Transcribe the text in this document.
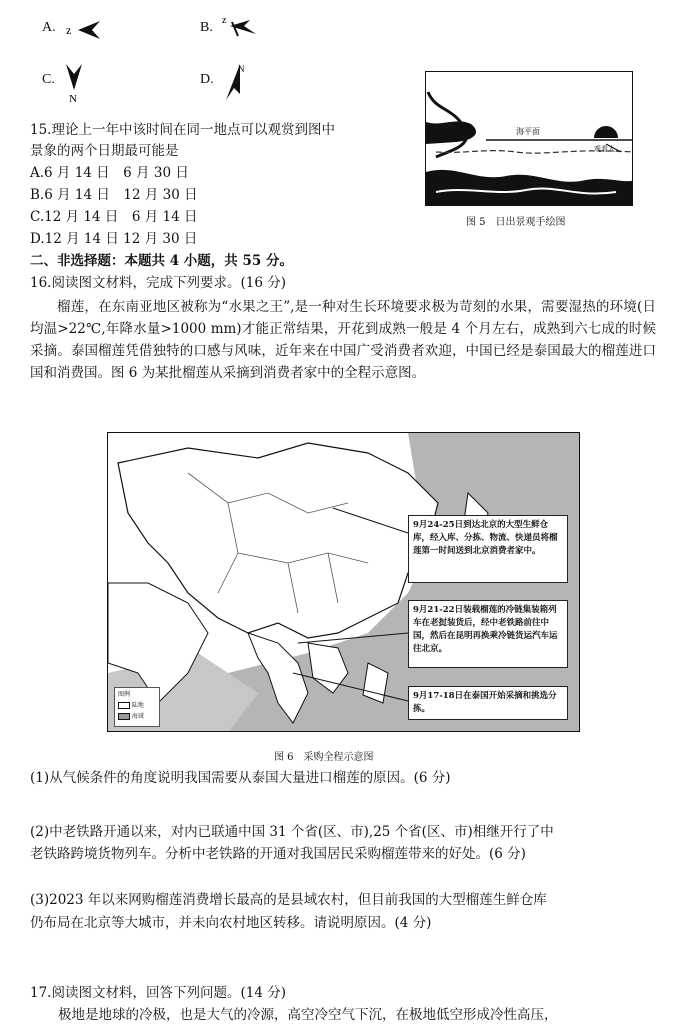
A. z	B. z
C.
N
D.
N
海平面
观看人
图 5　日出景观手绘图
15.理论上一年中该时间在同一地点可以观赏到图中
景象的两个日期最可能是
A.6 月 14 日　6 月 30 日
B.6 月 14 日　12 月 30 日
C.12 月 14 日　6 月 14 日
D.12 月 14 日 12 月 30 日
二、非选择题：本题共 4 小题，共 55 分。
16.阅读图文材料，完成下列要求。(16 分)
榴莲，在东南亚地区被称为“水果之王”,是一种对生长环境要求极为苛刻的水果，需要湿热的环境(日均温>22℃,年降水量>1000 mm)才能正常结果，开花到成熟一般是 4 个月左右，成熟到六七成的时候采摘。泰国榴莲凭借独特的口感与风味，近年来在中国广受消费者欢迎，中国已经是泰国最大的榴莲进口国和消费国。图 6 为某批榴莲从采摘到消费者家中的全程示意图。
9月24-25日到达北京的大型生鲜仓库，经入库、分拣、物流、快递员将榴莲第一时间送到北京消费者家中。
9月21-22日装载榴莲的冷链集装箱列车在老挝装货后，经中老铁路前往中国，然后在昆明再换乘冷链货运汽车运往北京。
9月17-18日在泰国开始采摘和挑选分拣。
图例
陆地
海域
图 6　采购全程示意图
(1)从气候条件的角度说明我国需要从泰国大量进口榴莲的原因。(6 分)
(2)中老铁路开通以来，对内已联通中国 31 个省(区、市),25 个省(区、市)相继开行了中
老铁路跨境货物列车。分析中老铁路的开通对我国居民采购榴莲带来的好处。(6 分)
(3)2023 年以来网购榴莲消费增长最高的是县域农村，但目前我国的大型榴莲生鲜仓库
仍布局在北京等大城市，并未向农村地区转移。请说明原因。(4 分)
17.阅读图文材料，回答下列问题。(14 分)
极地是地球的冷极，也是大气的冷源，高空冷空气下沉，在极地低空形成冷性高压，
